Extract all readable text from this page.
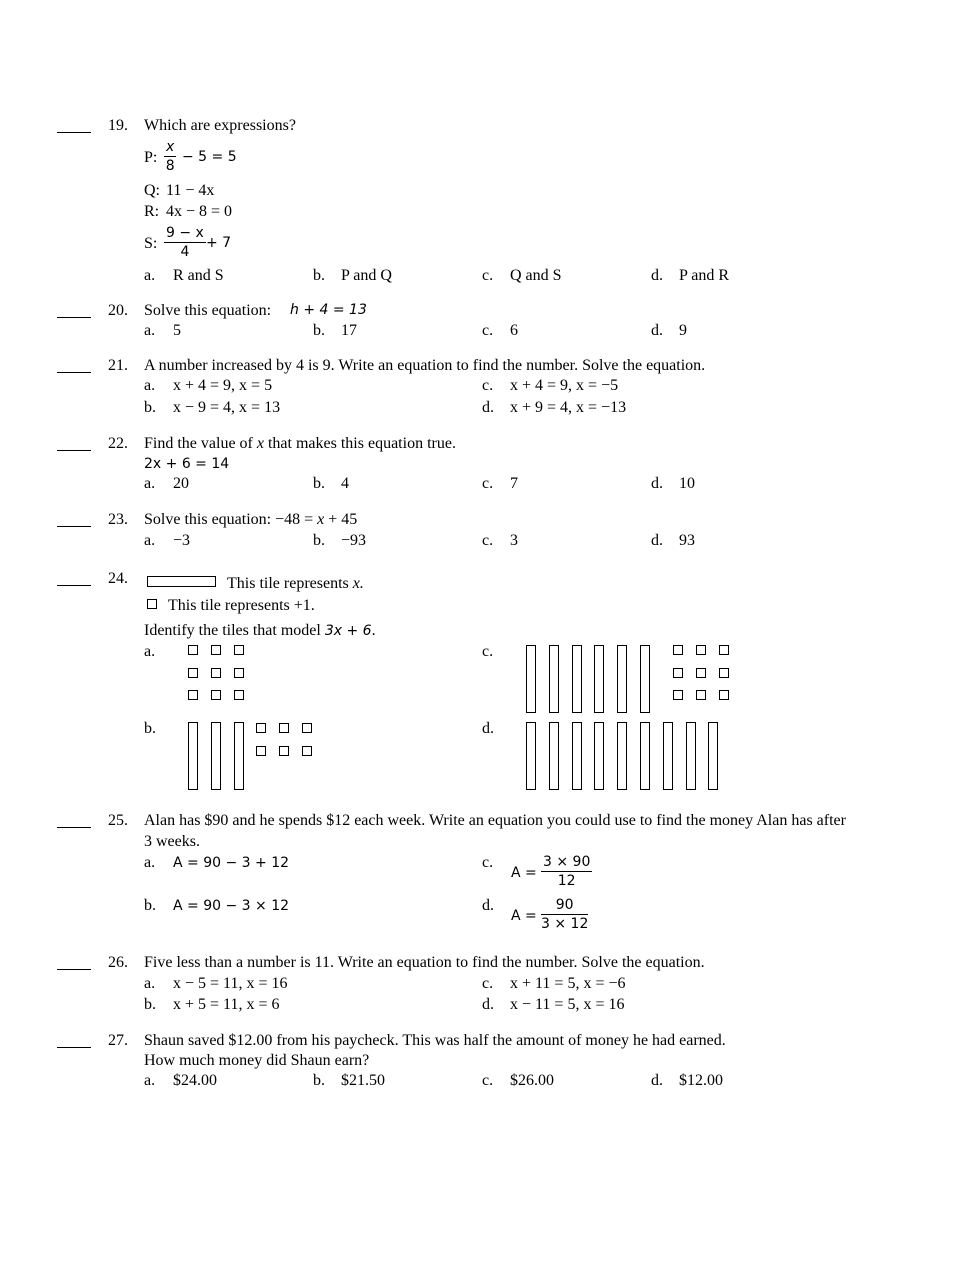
19. Which are expressions?
P: $\frac{x}{8} - 5 = 5$
Q: 11 − 4x
R: 4x − 8 = 0
S: $\frac{9 - x}{4} + 7$
a. R and S	b. P and Q	c. Q and S	d. P and R
20. Solve this equation: h + 4 = 13
a. 5	b. 17	c. 6	d. 9
21. A number increased by 4 is 9. Write an equation to find the number. Solve the equation.
a. x + 4 = 9, x = 5
b. x − 9 = 4, x = 13
c. x + 4 = 9, x = −5
d. x + 9 = 4, x = −13
22. Find the value of x that makes this equation true.
2x + 6 = 14
a. 20	b. 4	c. 7	d. 10
23. Solve this equation: −48 = x + 45
a. −3	b. −93	c. 3	d. 93
24.	This tile represents x.
This tile represents +1.
Identify the tiles that model 3x + 6.
a.
b.
c.
d.
25. Alan has $90 and he spends $12 each week. Write an equation you could use to find the money Alan has after
3 weeks.
a. A = 90 − 3 + 12
b. A = 90 − 3 × 12
c.
$A = \frac{3 \times 90}{12}$
d.
$A = \frac{90}{3 \times 12}$
26. Five less than a number is 11. Write an equation to find the number. Solve the equation.
a. x − 5 = 11, x = 16
b. x + 5 = 11, x = 6
c. x + 11 = 5, x = −6
d. x − 11 = 5, x = 16
27. Shaun saved $12.00 from his paycheck. This was half the amount of money he had earned.
How much money did Shaun earn?
a. $24.00	b. $21.50	c. $26.00	d. $12.00
